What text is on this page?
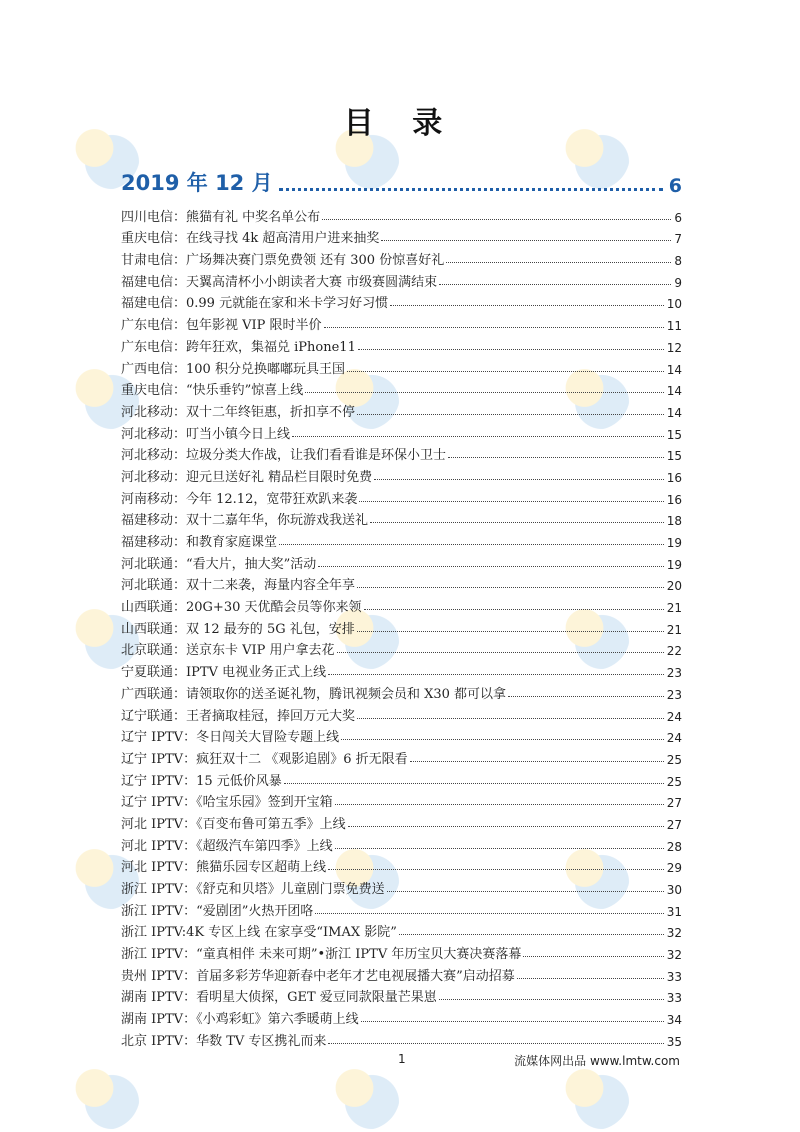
目 录
2019 年 12 月	6
四川电信：熊猫有礼 中奖名单公布	6
重庆电信：在线寻找 4k 超高清用户进来抽奖	7
甘肃电信：广场舞决赛门票免费领 还有 300 份惊喜好礼	8
福建电信：天翼高清杯小小朗读者大赛 市级赛圆满结束	9
福建电信：0.99 元就能在家和米卡学习好习惯	10
广东电信：包年影视 VIP 限时半价	11
广东电信：跨年狂欢，集福兑 iPhone11	12
广西电信：100 积分兑换嘟嘟玩具王国	14
重庆电信：“快乐垂钓”惊喜上线	14
河北移动：双十二年终钜惠，折扣享不停	14
河北移动：叮当小镇今日上线	15
河北移动：垃圾分类大作战，让我们看看谁是环保小卫士	15
河北移动：迎元旦送好礼 精品栏目限时免费	16
河南移动：今年 12.12，宽带狂欢趴来袭	16
福建移动：双十二嘉年华，你玩游戏我送礼	18
福建移动：和教育家庭课堂	19
河北联通：“看大片，抽大奖”活动	19
河北联通：双十二来袭，海量内容全年享	20
山西联通：20G+30 天优酷会员等你来领	21
山西联通：双 12 最夯的 5G 礼包，安排	21
北京联通：送京东卡 VIP 用户拿去花	22
宁夏联通：IPTV 电视业务正式上线	23
广西联通：请领取你的送圣诞礼物，腾讯视频会员和 X30 都可以拿	23
辽宁联通：王者摘取桂冠，捧回万元大奖	24
辽宁 IPTV：冬日闯关大冒险专题上线	24
辽宁 IPTV：疯狂双十二 《观影追剧》6 折无限看	25
辽宁 IPTV：15 元低价风暴	25
辽宁 IPTV：《哈宝乐园》签到开宝箱	27
河北 IPTV：《百变布鲁可第五季》上线	27
河北 IPTV：《超级汽车第四季》上线	28
河北 IPTV：熊猫乐园专区超萌上线	29
浙江 IPTV：《舒克和贝塔》儿童剧门票免费送	30
浙江 IPTV：“爱剧团”火热开团咯	31
浙江 IPTV:4K 专区上线 在家享受“IMAX 影院”	32
浙江 IPTV：“童真相伴 未来可期”•浙江 IPTV 年历宝贝大赛决赛落幕	32
贵州 IPTV：首届多彩芳华迎新春中老年才艺电视展播大赛”启动招募	33
湖南 IPTV：看明星大侦探，GET 爱豆同款限量芒果崽	33
湖南 IPTV：《小鸡彩虹》第六季暖萌上线	34
北京 IPTV：华数 TV 专区携礼而来	35
1	流媒体网出品 www.lmtw.com
